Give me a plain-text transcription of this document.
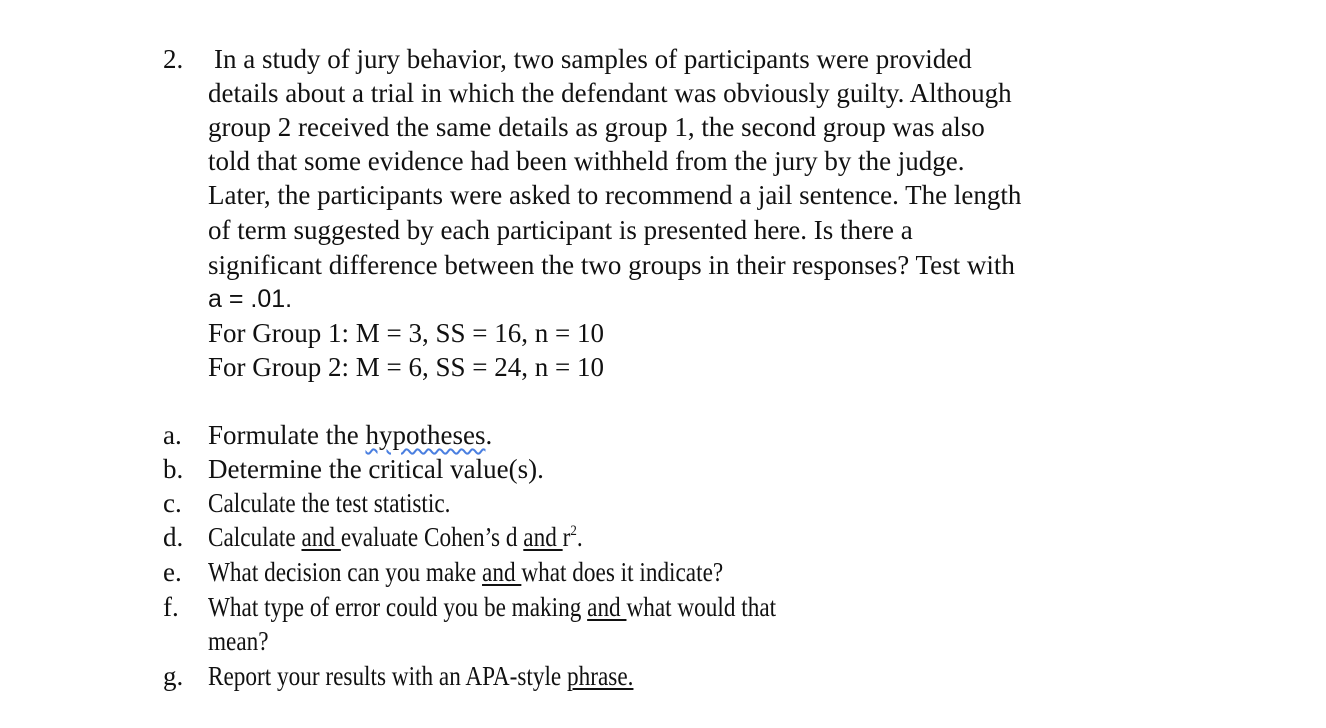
2. In a study of jury behavior, two samples of participants were provided
details about a trial in which the defendant was obviously guilty. Although
group 2 received the same details as group 1, the second group was also
told that some evidence had been withheld from the jury by the judge.
Later, the participants were asked to recommend a jail sentence. The length
of term suggested by each participant is presented here. Is there a
significant difference between the two groups in their responses? Test with
a = .01.
For Group 1: M = 3, SS = 16, n = 10
For Group 2: M = 6, SS = 24, n = 10
a. Formulate the hypotheses.
b. Determine the critical value(s).
c. Calculate the test statistic.
d. Calculate and evaluate Cohen’s d and $r^2$.
e. What decision can you make and what does it indicate?
f. What type of error could you be making and what would that
mean?
g. Report your results with an APA-style phrase.
